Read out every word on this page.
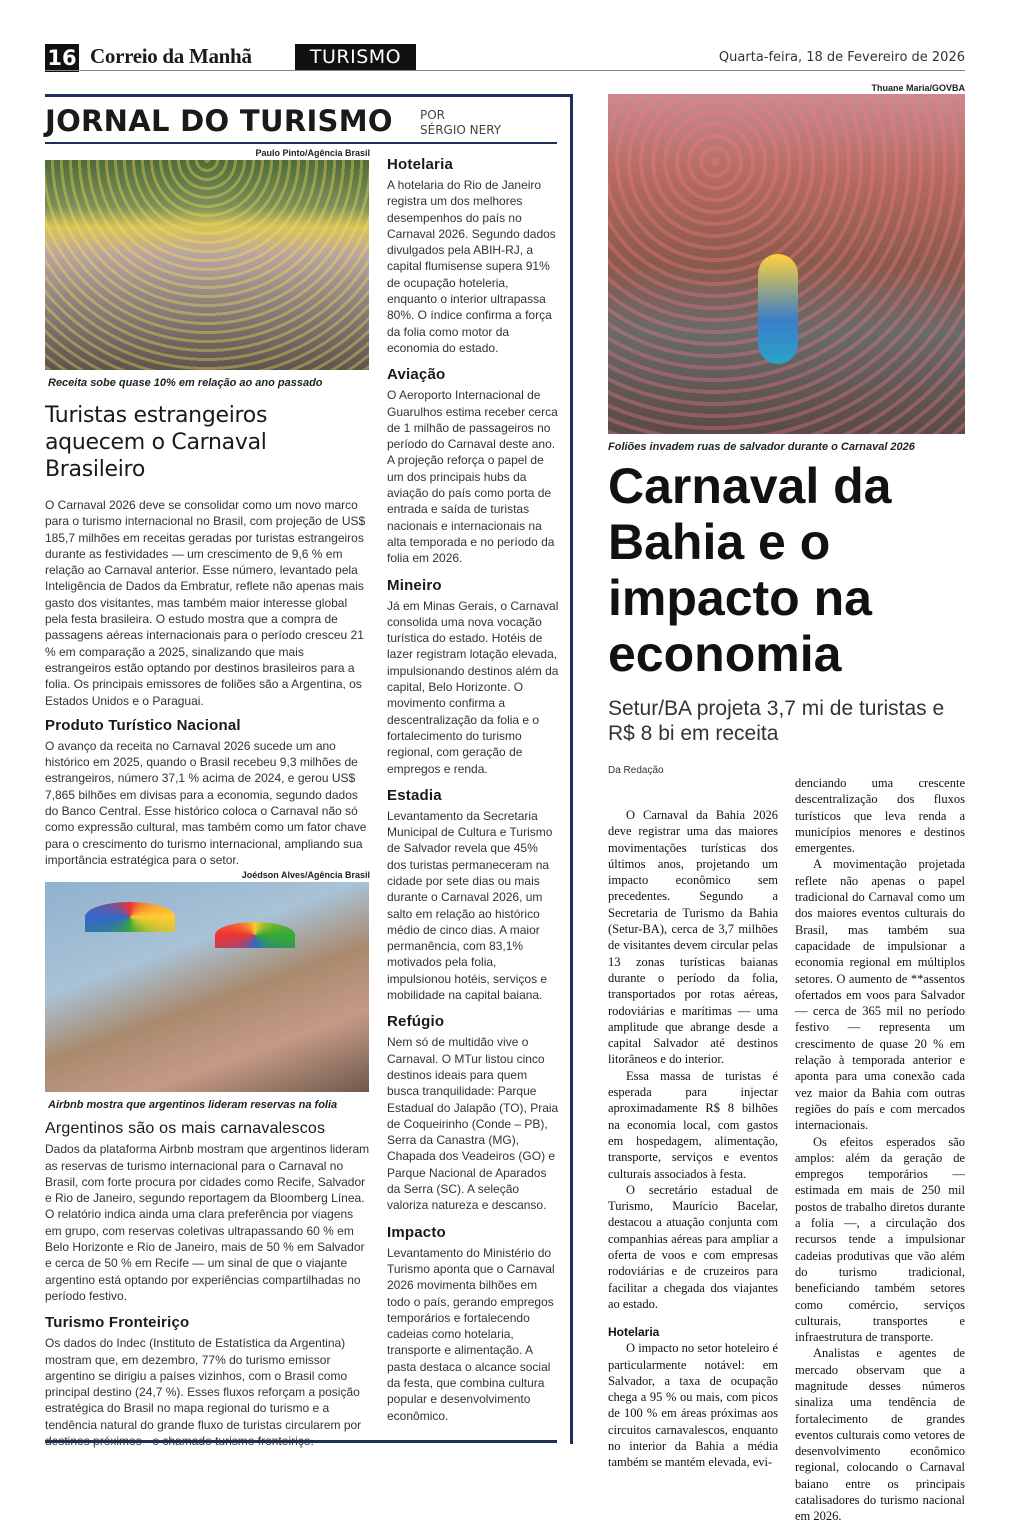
16 Correio da Manhã	TURISMO	Quarta-feira, 18 de Fevereiro de 2026
JORNAL DO TURISMO POR
SÉRGIO NERY
Paulo Pinto/Agência Brasil
Receita sobe quase 10% em relação ao ano passado
Turistas estrangeiros aquecem o Carnaval Brasileiro
O Carnaval 2026 deve se consolidar como um novo marco para o turismo internacional no Brasil, com projeção de US$ 185,7 milhões em receitas geradas por turistas estrangeiros durante as festividades — um crescimento de 9,6 % em relação ao Carnaval anterior. Esse número, levantado pela Inteligência de Dados da Embratur, reflete não apenas mais gasto dos visitantes, mas também maior interesse global pela festa brasileira. O estudo mostra que a compra de passagens aéreas internacionais para o período cresceu 21 % em comparação a 2025, sinalizando que mais estrangeiros estão optando por destinos brasileiros para a folia. Os principais emissores de foliões são a Argentina, os Estados Unidos e o Paraguai.
Produto Turístico Nacional
O avanço da receita no Carnaval 2026 sucede um ano histórico em 2025, quando o Brasil recebeu 9,3 milhões de estrangeiros, número 37,1 % acima de 2024, e gerou US$ 7,865 bilhões em divisas para a economia, segundo dados do Banco Central. Esse histórico coloca o Carnaval não só como expressão cultural, mas também como um fator chave para o crescimento do turismo internacional, ampliando sua importância estratégica para o setor.
Joédson Alves/Agência Brasil
Airbnb mostra que argentinos lideram reservas na folia
Argentinos são os mais carnavalescos
Dados da plataforma Airbnb mostram que argentinos lideram as reservas de turismo internacional para o Carnaval no Brasil, com forte procura por cidades como Recife, Salvador e Rio de Janeiro, segundo reportagem da Bloomberg Línea. O relatório indica ainda uma clara preferência por viagens em grupo, com reservas coletivas ultrapassando 60 % em Belo Horizonte e Rio de Janeiro, mais de 50 % em Salvador e cerca de 50 % em Recife — um sinal de que o viajante argentino está optando por experiências compartilhadas no período festivo.
Turismo Fronteiriço
Os dados do Indec (Instituto de Estatística da Argentina) mostram que, em dezembro, 77% do turismo emissor argentino se dirigiu a países vizinhos, com o Brasil como principal destino (24,7 %). Esses fluxos reforçam a posição estratégica do Brasil no mapa regional do turismo e a tendência natural do grande fluxo de turistas circularem por destinos próximos - o chamado turismo fronteiriço.
Hotelaria
A hotelaria do Rio de Janeiro registra um dos melhores desempenhos do país no Carnaval 2026. Segundo dados divulgados pela ABIH-RJ, a capital flumisense supera 91% de ocupação hoteleria, enquanto o interior ultrapassa 80%. O índice confirma a força da folia como motor da economia do estado.
Aviação
O Aeroporto Internacional de Guarulhos estima receber cerca de 1 milhão de passageiros no período do Carnaval deste ano. A projeção reforça o papel de um dos principais hubs da aviação do país como porta de entrada e saída de turistas nacionais e internacionais na alta temporada e no período da folia em 2026.
Mineiro
Já em Minas Gerais, o Carnaval consolida uma nova vocação turística do estado. Hotéis de lazer registram lotação elevada, impulsionando destinos além da capital, Belo Horizonte. O movimento confirma a descentralização da folia e o fortalecimento do turismo regional, com geração de empregos e renda.
Estadia
Levantamento da Secretaria Municipal de Cultura e Turismo de Salvador revela que 45% dos turistas permaneceram na cidade por sete dias ou mais durante o Carnaval 2026, um salto em relação ao histórico médio de cinco dias. A maior permanência, com 83,1% motivados pela folia, impulsionou hotéis, serviços e mobilidade na capital baiana.
Refúgio
Nem só de multidão vive o Carnaval. O MTur listou cinco destinos ideais para quem busca tranquilidade: Parque Estadual do Jalapão (TO), Praia de Coqueirinho (Conde – PB), Serra da Canastra (MG), Chapada dos Veadeiros (GO) e Parque Nacional de Aparados da Serra (SC). A seleção valoriza natureza e descanso.
Impacto
Levantamento do Ministério do Turismo aponta que o Carnaval 2026 movimenta bilhões em todo o país, gerando empregos temporários e fortalecendo cadeias como hotelaria, transporte e alimentação. A pasta destaca o alcance social da festa, que combina cultura popular e desenvolvimento econômico.
Thuane Maria/GOVBA
Foliões invadem ruas de salvador durante o Carnaval 2026
Carnaval da Bahia e o impacto na economia
Setur/BA projeta 3,7 mi de turistas e R$ 8 bi em receita
Da Redação

O Carnaval da Bahia 2026 deve registrar uma das maiores movimentações turísticas dos últimos anos, projetando um impacto econômico sem precedentes. Segundo a Secretaria de Turismo da Bahia (Setur-BA), cerca de 3,7 milhões de visitantes devem circular pelas 13 zonas turísticas baianas durante o período da folia, transportados por rotas aéreas, rodoviárias e marítimas — uma amplitude que abrange desde a capital Salvador até destinos litorâneos e do interior.

Essa massa de turistas é esperada para injectar aproximadamente R$ 8 bilhões na economia local, com gastos em hospedagem, alimentação, transporte, serviços e eventos culturais associados à festa.

O secretário estadual de Turismo, Maurício Bacelar, destacou a atuação conjunta com companhias aéreas para ampliar a oferta de voos e com empresas rodoviárias e de cruzeiros para facilitar a chegada dos viajantes ao estado.

Hotelaria

O impacto no setor hoteleiro é particularmente notável: em Salvador, a taxa de ocupação chega a 95 % ou mais, com picos de 100 % em áreas próximas aos circuitos carnavalescos, enquanto no interior da Bahia a média também se mantém elevada, evi-

denciando uma crescente descentralização dos fluxos turísticos que leva renda a municípios menores e destinos emergentes.

A movimentação projetada reflete não apenas o papel tradicional do Carnaval como um dos maiores eventos culturais do Brasil, mas também sua capacidade de impulsionar a economia regional em múltiplos setores. O aumento de **assentos ofertados em voos para Salvador — cerca de 365 mil no período festivo — representa um crescimento de quase 20 % em relação à temporada anterior e aponta para uma conexão cada vez maior da Bahia com outras regiões do país e com mercados internacionais.

Os efeitos esperados são amplos: além da geração de empregos temporários — estimada em mais de 250 mil postos de trabalho diretos durante a folia —, a circulação dos recursos tende a impulsionar cadeias produtivas que vão além do turismo tradicional, beneficiando também setores como comércio, serviços culturais, transportes e infraestrutura de transporte.

Analistas e agentes de mercado observam que a magnitude desses números sinaliza uma tendência de fortalecimento de grandes eventos culturais como vetores de desenvolvimento econômico regional, colocando o Carnaval baiano entre os principais catalisadores do turismo nacional em 2026.
